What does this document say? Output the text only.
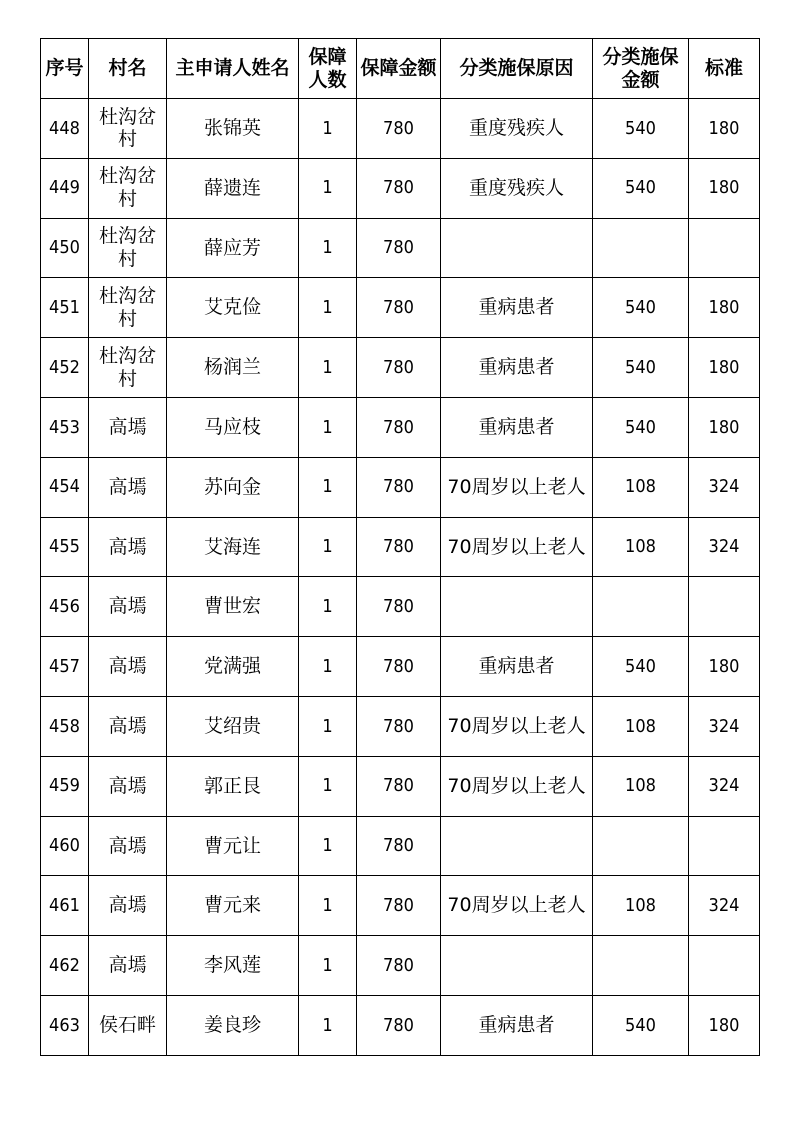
序号	村名	主申请人姓名	保障人数	保障金额	分类施保原因	分类施保金额	标准
448	杜沟岔村	张锦英	1	780	重度残疾人	540	180
449	杜沟岔村	薛遗连	1	780	重度残疾人	540	180
450	杜沟岔村	薛应芳	1	780			
451	杜沟岔村	艾克俭	1	780	重病患者	540	180
452	杜沟岔村	杨润兰	1	780	重病患者	540	180
453	高墕	马应枝	1	780	重病患者	540	180
454	高墕	苏向金	1	780	70周岁以上老人	108	324
455	高墕	艾海连	1	780	70周岁以上老人	108	324
456	高墕	曹世宏	1	780			
457	高墕	党满强	1	780	重病患者	540	180
458	高墕	艾绍贵	1	780	70周岁以上老人	108	324
459	高墕	郭正艮	1	780	70周岁以上老人	108	324
460	高墕	曹元让	1	780			
461	高墕	曹元来	1	780	70周岁以上老人	108	324
462	高墕	李风莲	1	780			
463	侯石畔	姜良珍	1	780	重病患者	540	180
